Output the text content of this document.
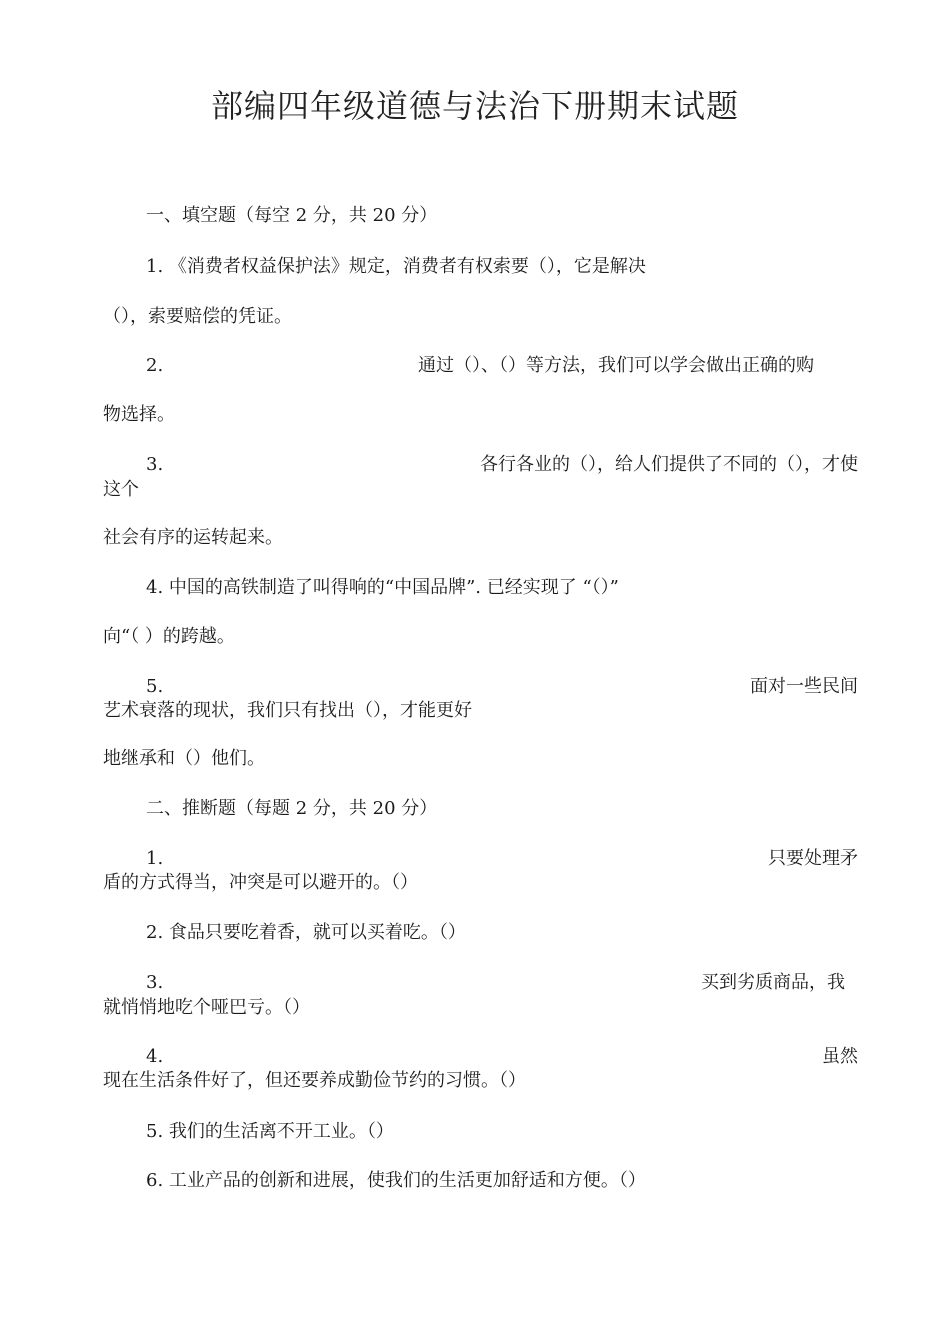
部编四年级道德与法治下册期末试题
一、填空题（每空 2 分，共 20 分）
1. 《消费者权益保护法》规定，消费者有权索要（），它是解决
（），索要赔偿的凭证。
2.	通过（）、（）等方法，我们可以学会做出正确的购
物选择。
3.	各行各业的（），给人们提供了不同的（），才使
这个
社会有序的运转起来。
4. 中国的高铁制造了叫得响的“中国品牌”. 已经实现了 “（）”
向“（ ）的跨越。
5.	面对一些民间
艺术衰落的现状，我们只有找出（），才能更好
地继承和（）他们。
二、推断题（每题 2 分，共 20 分）
1.	只要处理矛
盾的方式得当，冲突是可以避开的。（）
2. 食品只要吃着香，就可以买着吃。（）
3.	买到劣质商品，我
就悄悄地吃个哑巴亏。（）
4.	虽然
现在生活条件好了，但还要养成勤俭节约的习惯。（）
5. 我们的生活离不开工业。（）
6. 工业产品的创新和进展，使我们的生活更加舒适和方便。（）
